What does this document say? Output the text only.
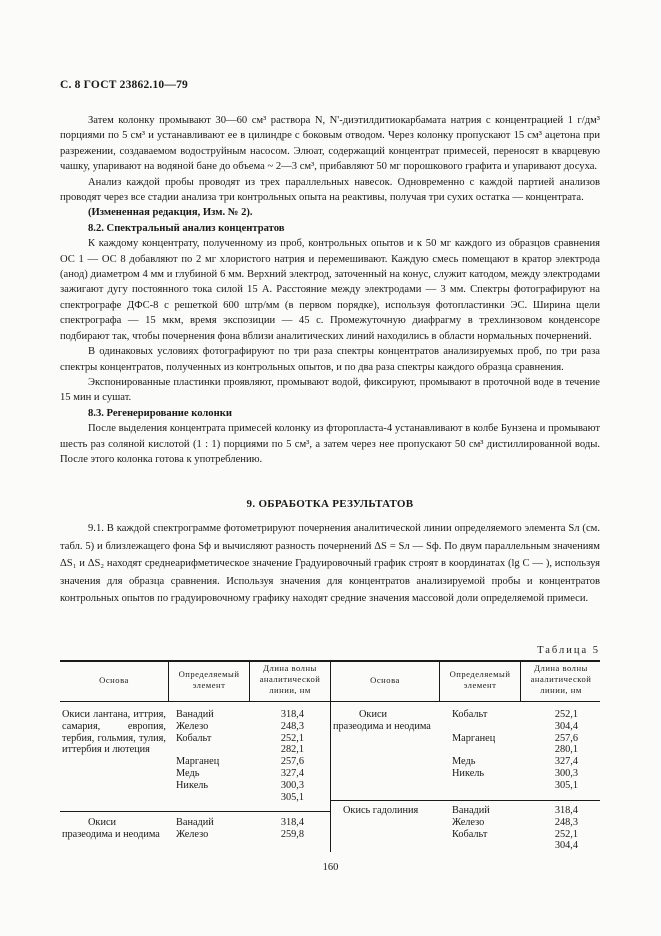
С. 8 ГОСТ 23862.10—79

Затем колонку промывают 30—60 см³ раствора N, N'-диэтилдитиокарбамата натрия с концентрацией 1 г/дм³ порциями по 5 см³ и устанавливают ее в цилиндре с боковым отводом. Через колонку пропускают 15 см³ ацетона при разрежении, создаваемом водоструйным насосом. Элюат, содержащий концентрат примесей, переносят в кварцевую чашку, упаривают на водяной бане до объема ~ 2—3 см³, прибавляют 50 мг порошкового графита и упаривают досуха.

Анализ каждой пробы проводят из трех параллельных навесок. Одновременно с каждой партией анализов проводят через все стадии анализа три контрольных опыта на реактивы, получая три сухих остатка — концентрата.

(Измененная редакция, Изм. № 2).

8.2. Спектральный анализ концентратов

К каждому концентрату, полученному из проб, контрольных опытов и к 50 мг каждого из образцов сравнения ОС 1 — ОС 8 добавляют по 2 мг хлористого натрия и перемешивают. Каждую смесь помещают в кратор электрода (анод) диаметром 4 мм и глубиной 6 мм. Верхний электрод, заточенный на конус, служит катодом, между электродами зажигают дугу постоянного тока силой 15 А. Расстояние между электродами — 3 мм. Спектры фотографируют на спектрографе ДФС-8 с решеткой 600 штр/мм (в первом порядке), используя фотопластинки ЭС. Ширина щели спектрографа — 15 мкм, время экспозиции — 45 с. Промежуточную диафрагму в трехлинзовом конденсоре подбирают так, чтобы почернения фона вблизи аналитических линий находились в области нормальных почернений.

В одинаковых условиях фотографируют по три раза спектры концентратов анализируемых проб, по три раза спектры концентратов, полученных из контрольных опытов, и по два раза спектры каждого образца сравнения.

Экспонированные пластинки проявляют, промывают водой, фиксируют, промывают в проточной воде в течение 15 мин и сушат.

8.3. Регенерирование колонки

После выделения концентрата примесей колонку из фторопласта-4 устанавливают в колбе Бунзена и промывают шесть раз соляной кислотой (1 : 1) порциями по 5 см³, а затем через нее пропускают 50 см³ дистиллированной воды. После этого колонка готова к употреблению.

9. ОБРАБОТКА РЕЗУЛЬТАТОВ

9.1. В каждой спектрограмме фотометрируют почернения аналитической линии определяемого элемента Sл (см. табл. 5) и близлежащего фона Sф и вычисляют разность почернений ΔS = Sл — Sф. По двум параллельным значениям ΔS₁ и ΔS₂ находят среднеарифметическое значение Градуировочный график строят в координатах (lg C — ), используя значения для образца сравнения. Используя значения для концентратов анализируемой пробы и концентратов контрольных опытов по градуировочному графику находят средние значения массовой доли определяемой примеси.

Таблица 5
Основа
Определяемый элемент
Длина волны аналитической линии, нм
Основа
Определяемый элемент
Длина волны аналитической линии, нм
Окиси лантана, иттрия, самария, европия, тербия, гольмия, тулия, иттербия и лютеция
Ванадий
Железо
Кобальт

Марганец
Медь
Никель
318,4
248,3
252,1
282,1
257,6
327,4
300,3
305,1
Окиси празеодима и неодима
Ванадий
Железо
318,4
259,8
Окиси празеодима и неодима
Кобальт

Марганец

Медь
Никель
252,1
304,4
257,6
280,1
327,4
300,3
305,1
Окись гадолиния	Ванадий
Железо
Кобальт
318,4
248,3
252,1
304,4
160
